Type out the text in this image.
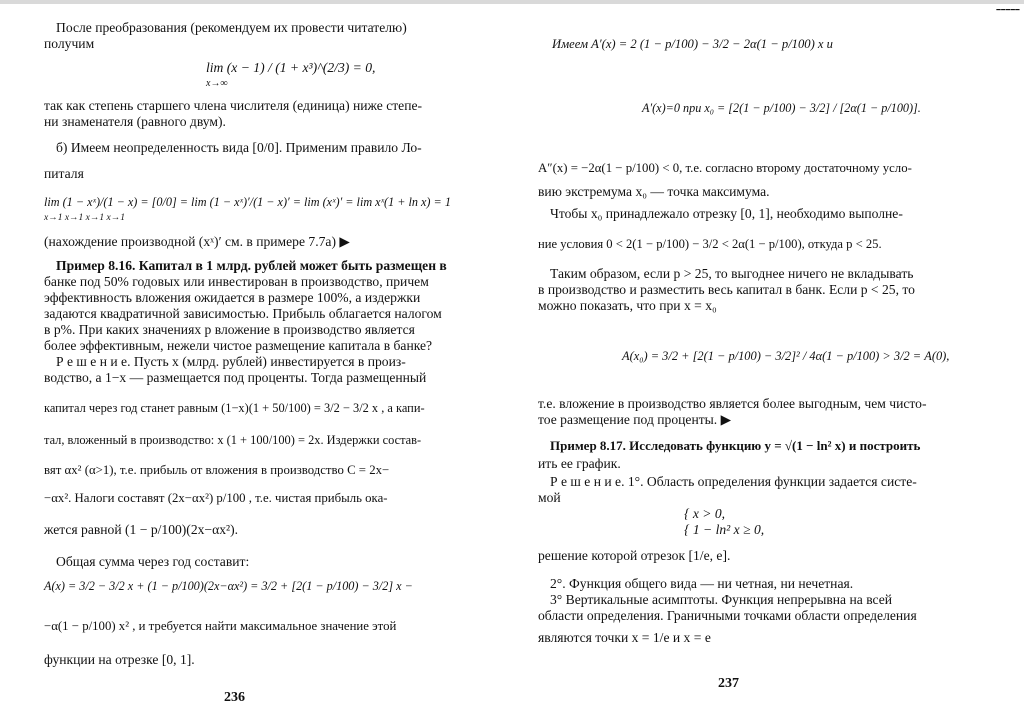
━━━━━
После преобразования (рекомендуем их провести читателю)
получим
lim (x − 1) / (1 + x³)^(2/3) = 0,
x→∞
так как степень старшего члена числителя (единица) ниже степе-
ни знаменателя (равного двум).
б) Имеем неопределенность вида [0/0]. Применим правило Ло-
питаля
lim (1 − xˣ)/(1 − x) = [0/0] = lim (1 − xˣ)′/(1 − x)′ = lim (xˣ)′ = lim xˣ(1 + ln x) = 1
x→1 x→1 x→1 x→1
(нахождение производной (xˣ)′ см. в примере 7.7а) ▶
Пример 8.16. Капитал в 1 млрд. рублей может быть размещен в
банке под 50% годовых или инвестирован в производство, причем
эффективность вложения ожидается в размере 100%, а издержки
задаются квадратичной зависимостью. Прибыль облагается налогом
в p%. При каких значениях p вложение в производство является
более эффективным, нежели чистое размещение капитала в банке?
Р е ш е н и е. Пусть x (млрд. рублей) инвестируется в произ-
водство, а 1−x — размещается под проценты. Тогда размещенный
капитал через год станет равным (1−x)(1 + 50/100) = 3/2 − 3/2 x , а капи-
тал, вложенный в производство: x (1 + 100/100) = 2x. Издержки состав-
вят αx² (α>1), т.е. прибыль от вложения в производство C = 2x−
−αx². Налоги составят (2x−αx²) p/100 , т.е. чистая прибыль ока-
жется равной (1 − p/100)(2x−αx²).
Общая сумма через год составит:
A(x) = 3/2 − 3/2 x + (1 − p/100)(2x−αx²) = 3/2 + [2(1 − p/100) − 3/2] x −
−α(1 − p/100) x² , и требуется найти максимальное значение этой
функции на отрезке [0, 1].
236
Имеем A′(x) = 2 (1 − p/100) − 3/2 − 2α(1 − p/100) x и
A′(x)=0 при x₀ = [2(1 − p/100) − 3/2] / [2α(1 − p/100)].
A″(x) = −2α(1 − p/100) < 0, т.е. согласно второму достаточному усло-
вию экстремума x₀ — точка максимума.
Чтобы x₀ принадлежало отрезку [0, 1], необходимо выполне-
ние условия 0 < 2(1 − p/100) − 3/2 < 2α(1 − p/100), откуда p < 25.
Таким образом, если p > 25, то выгоднее ничего не вкладывать
в производство и разместить весь капитал в банк. Если p < 25, то
можно показать, что при x = x₀
A(x₀) = 3/2 + [2(1 − p/100) − 3/2]² / 4α(1 − p/100) > 3/2 = A(0),
т.е. вложение в производство является более выгодным, чем чисто-
тое размещение под проценты. ▶
Пример 8.17. Исследовать функцию y = √(1 − ln² x) и построить
ить ее график.
Р е ш е н и е. 1°. Область определения функции задается систе-
мой
{ x > 0,
{ 1 − ln² x ≥ 0,
решение которой отрезок [1/e, e].
2°. Функция общего вида — ни четная, ни нечетная.
3° Вертикальные асимптоты. Функция непрерывна на всей
области определения. Граничными точками области определения
являются точки x = 1/e и x = e
237
